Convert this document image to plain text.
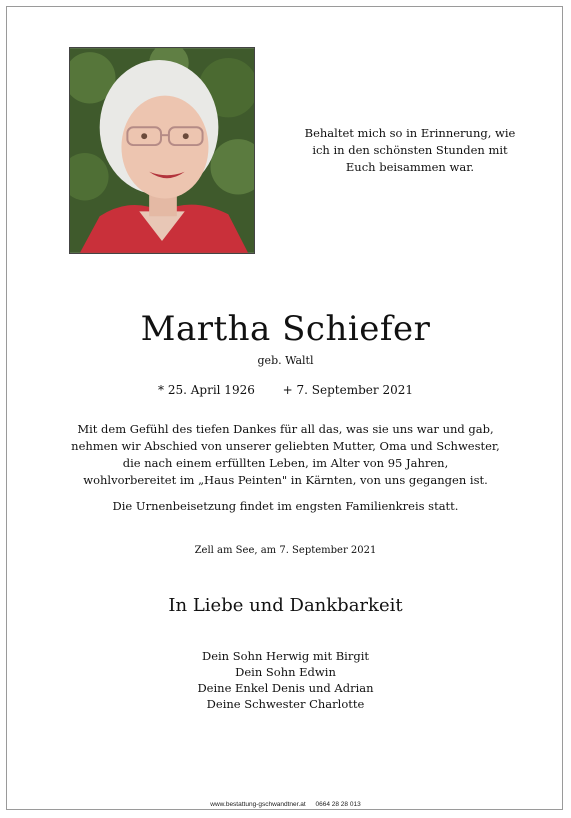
Behaltet mich so in Erinnerung, wie
ich in den schönsten Stunden mit
Euch beisammen war.
Martha Schiefer
geb. Waltl
* 25. April 1926 + 7. September 2021
Mit dem Gefühl des tiefen Dankes für all das, was sie uns war und gab,
nehmen wir Abschied von unserer geliebten Mutter, Oma und Schwester,
die nach einem erfüllten Leben, im Alter von 95 Jahren,
wohlvorbereitet im „Haus Peinten" in Kärnten, von uns gegangen ist.
Die Urnenbeisetzung findet im engsten Familienkreis statt.
Zell am See, am 7. September 2021
In Liebe und Dankbarkeit
Dein Sohn Herwig mit Birgit
Dein Sohn Edwin
Deine Enkel Denis und Adrian
Deine Schwester Charlotte
www.bestattung-gschwandtner.at 0664 28 28 013
